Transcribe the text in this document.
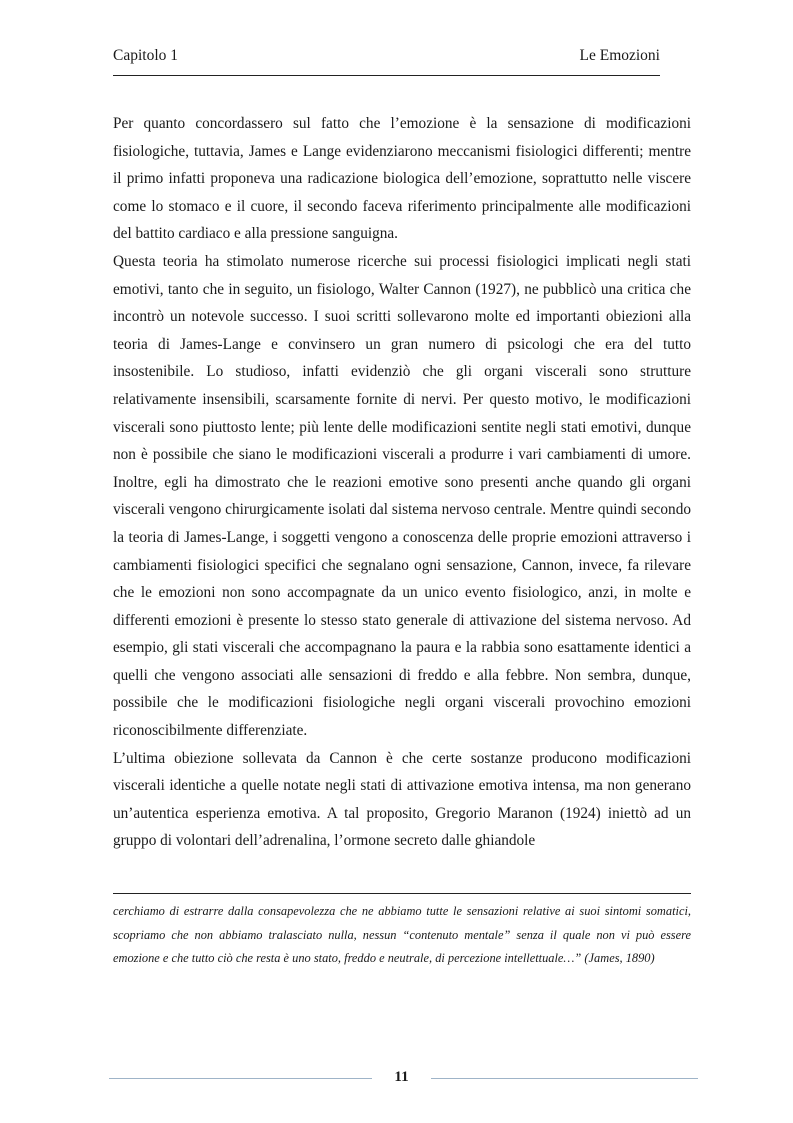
Capitolo 1	Le Emozioni

Per quanto concordassero sul fatto che l’emozione è la sensazione di modificazioni fisiologiche, tuttavia, James e Lange evidenziarono meccanismi fisiologici differenti; mentre il primo infatti proponeva una radicazione biologica dell’emozione, soprattutto nelle viscere come lo stomaco e il cuore, il secondo faceva riferimento principalmente alle modificazioni del battito cardiaco e alla pressione sanguigna.

Questa teoria ha stimolato numerose ricerche sui processi fisiologici implicati negli stati emotivi, tanto che in seguito, un fisiologo, Walter Cannon (1927), ne pubblicò una critica che incontrò un notevole successo. I suoi scritti sollevarono molte ed importanti obiezioni alla teoria di James-Lange e convinsero un gran numero di psicologi che era del tutto insostenibile. Lo studioso, infatti evidenziò che gli organi viscerali sono strutture relativamente insensibili, scarsamente fornite di nervi. Per questo motivo, le modificazioni viscerali sono piuttosto lente; più lente delle modificazioni sentite negli stati emotivi, dunque non è possibile che siano le modificazioni viscerali a produrre i vari cambiamenti di umore. Inoltre, egli ha dimostrato che le reazioni emotive sono presenti anche quando gli organi viscerali vengono chirurgicamente isolati dal sistema nervoso centrale. Mentre quindi secondo la teoria di James-Lange, i soggetti vengono a conoscenza delle proprie emozioni attraverso i cambiamenti fisiologici specifici che segnalano ogni sensazione, Cannon, invece, fa rilevare che le emozioni non sono accompagnate da un unico evento fisiologico, anzi, in molte e differenti emozioni è presente lo stesso stato generale di attivazione del sistema nervoso. Ad esempio, gli stati viscerali che accompagnano la paura e la rabbia sono esattamente identici a quelli che vengono associati alle sensazioni di freddo e alla febbre. Non sembra, dunque, possibile che le modificazioni fisiologiche negli organi viscerali provochino emozioni riconoscibilmente differenziate.

L’ultima obiezione sollevata da Cannon è che certe sostanze producono modificazioni viscerali identiche a quelle notate negli stati di attivazione emotiva intensa, ma non generano un’autentica esperienza emotiva. A tal proposito, Gregorio Maranon (1924) iniettò ad un gruppo di volontari dell’adrenalina, l’ormone secreto dalle ghiandole

cerchiamo di estrarre dalla consapevolezza che ne abbiamo tutte le sensazioni relative ai suoi sintomi somatici, scopriamo che non abbiamo tralasciato nulla, nessun “contenuto mentale” senza il quale non vi può essere emozione e che tutto ciò che resta è uno stato, freddo e neutrale, di percezione intellettuale…” (James, 1890)

11
